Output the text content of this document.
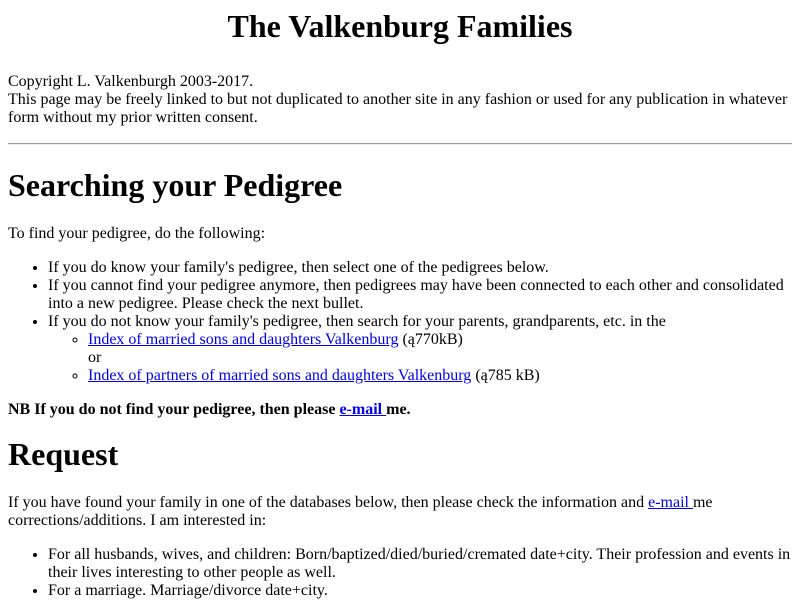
The Valkenburg Families

Copyright L. Valkenburgh 2003-2017.
This page may be freely linked to but not duplicated to another site in any fashion or used for any publication in whatever form without my prior written consent.

Searching your Pedigree

To find your pedigree, do the following:

• If you do know your family's pedigree, then select one of the pedigrees below.
• If you cannot find your pedigree anymore, then pedigrees may have been connected to each other and consolidated into a new pedigree. Please check the next bullet.
• If you do not know your family's pedigree, then search for your parents, grandparents, etc. in the
◦ Index of married sons and daughters Valkenburg (ą770kB)
or
◦ Index of partners of married sons and daughters Valkenburg (ą785 kB)

NB If you do not find your pedigree, then please e-mail me.

Request

If you have found your family in one of the databases below, then please check the information and e-mail me corrections/additions. I am interested in:

• For all husbands, wives, and children: Born/baptized/died/buried/cremated date+city. Their profession and events in their lives interesting to other people as well.
• For a marriage. Marriage/divorce date+city.
